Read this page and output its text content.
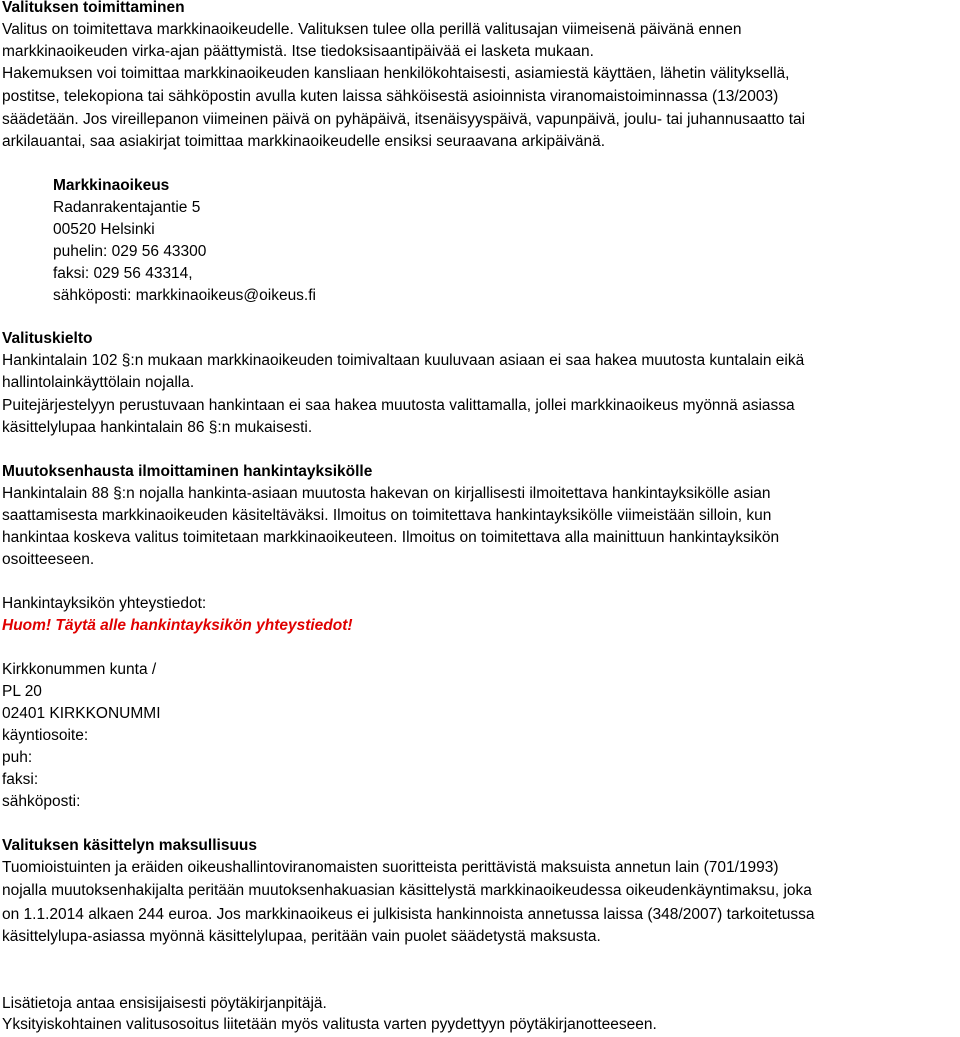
Valituksen toimittaminen
Valitus on toimitettava markkinaoikeudelle. Valituksen tulee olla perillä valitusajan viimeisenä päivänä ennen
markkinaoikeuden virka-ajan päättymistä. Itse tiedoksisaantipäivää ei lasketa mukaan.
Hakemuksen voi toimittaa markkinaoikeuden kansliaan henkilökohtaisesti, asiamiestä käyttäen, lähetin välityksellä,
postitse, telekopiona tai sähköpostin avulla kuten laissa sähköisestä asioinnista viranomaistoiminnassa (13/2003)
säädetään. Jos vireillepanon viimeinen päivä on pyhäpäivä, itsenäisyyspäivä, vapunpäivä, joulu- tai juhannusaatto tai
arkilauantai, saa asiakirjat toimittaa markkinaoikeudelle ensiksi seuraavana arkipäivänä.
Markkinaoikeus
Radanrakentajantie 5
00520 Helsinki
puhelin: 029 56 43300
faksi: 029 56 43314,
sähköposti: markkinaoikeus@oikeus.fi
Valituskielto
Hankintalain 102 §:n mukaan markkinaoikeuden toimivaltaan kuuluvaan asiaan ei saa hakea muutosta kuntalain eikä
hallintolainkäyttölain nojalla.
Puitejärjestelyyn perustuvaan hankintaan ei saa hakea muutosta valittamalla, jollei markkinaoikeus myönnä asiassa
käsittelylupaa hankintalain 86 §:n mukaisesti.
Muutoksenhausta ilmoittaminen hankintayksikölle
Hankintalain 88 §:n nojalla hankinta-asiaan muutosta hakevan on kirjallisesti ilmoitettava hankintayksikölle asian
saattamisesta markkinaoikeuden käsiteltäväksi. Ilmoitus on toimitettava hankintayksikölle viimeistään silloin, kun
hankintaa koskeva valitus toimitetaan markkinaoikeuteen. Ilmoitus on toimitettava alla mainittuun hankintayksikön
osoitteeseen.
Hankintayksikön yhteystiedot:
Huom! Täytä alle hankintayksikön yhteystiedot!
Kirkkonummen kunta /
PL 20
02401 KIRKKONUMMI
käyntiosoite:
puh:
faksi:
sähköposti:
Valituksen käsittelyn maksullisuus
Tuomioistuinten ja eräiden oikeushallintoviranomaisten suoritteista perittävistä maksuista annetun lain (701/1993)
nojalla muutoksenhakijalta peritään muutoksenhakuasian käsittelystä markkinaoikeudessa oikeudenkäyntimaksu, joka
on 1.1.2014 alkaen 244 euroa. Jos markkinaoikeus ei julkisista hankinnoista annetussa laissa (348/2007) tarkoitetussa
käsittelylupa-asiassa myönnä käsittelylupaa, peritään vain puolet säädetystä maksusta.
Lisätietoja antaa ensisijaisesti pöytäkirjanpitäjä.
Yksityiskohtainen valitusosoitus liitetään myös valitusta varten pyydettyyn pöytäkirjanotteeseen.
